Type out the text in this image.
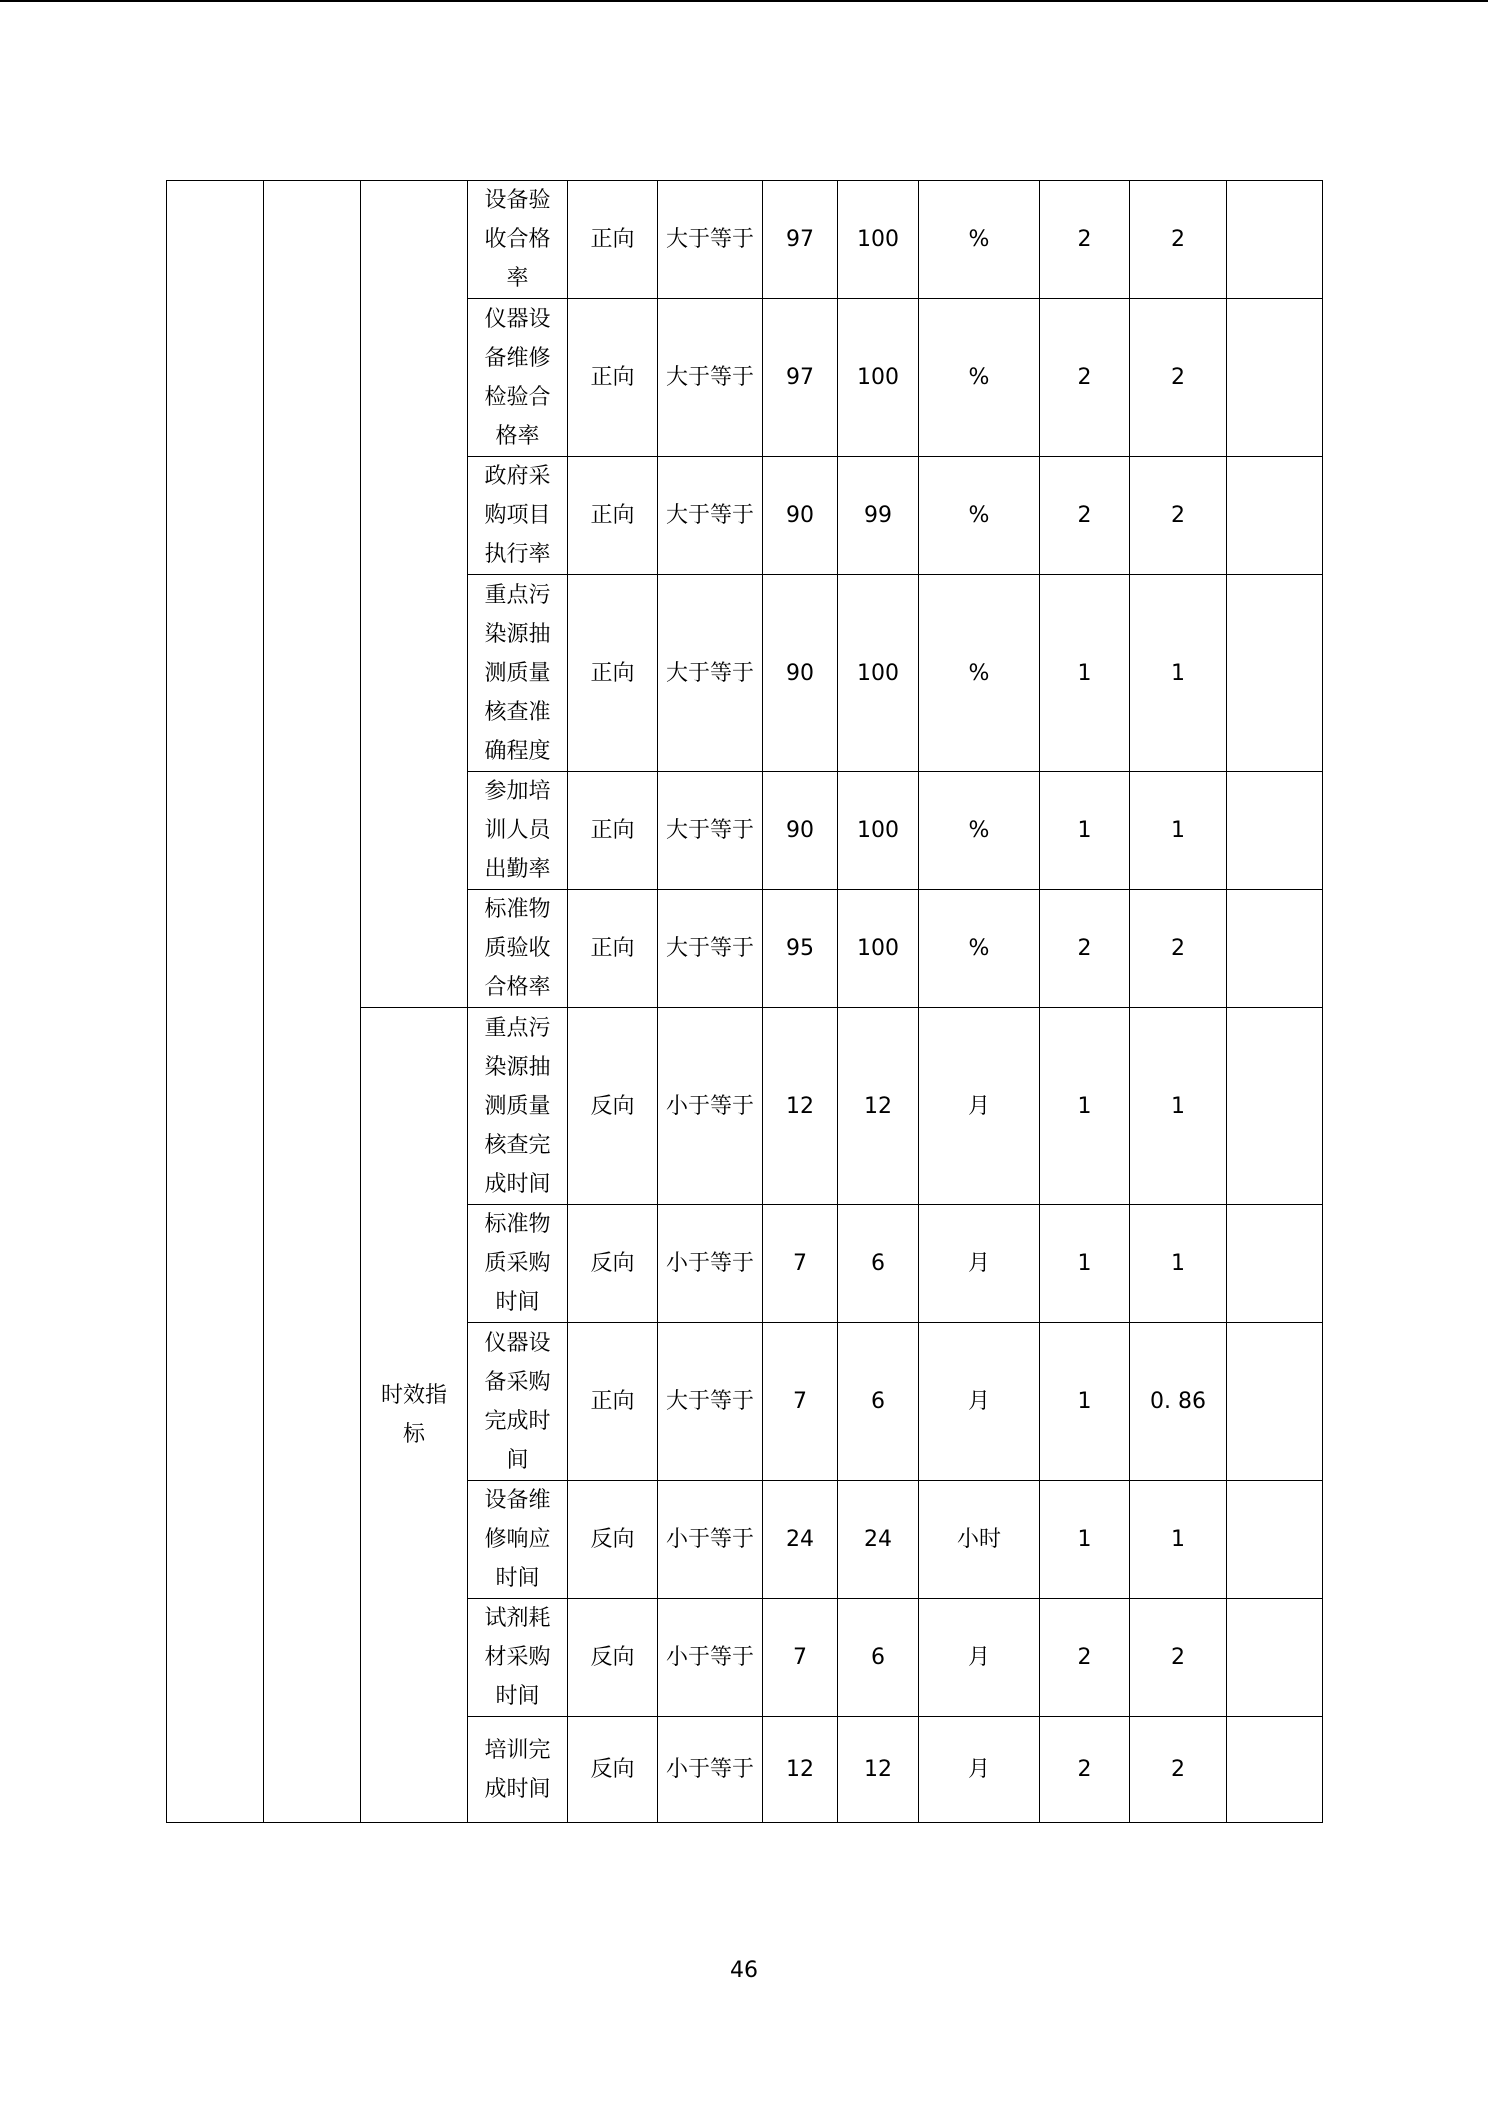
			设备验收合格率	正向	大于等于	97	100	%	2	2	
			仪器设备维修检验合格率	正向	大于等于	97	100	%	2	2	
			政府采购项目执行率	正向	大于等于	90	99	%	2	2	
			重点污染源抽测质量核查准确程度	正向	大于等于	90	100	%	1	1	
			参加培训人员出勤率	正向	大于等于	90	100	%	1	1	
			标准物质验收合格率	正向	大于等于	95	100	%	2	2	
		时效指标	重点污染源抽测质量核查完成时间	反向	小于等于	12	12	月	1	1	
			标准物质采购时间	反向	小于等于	7	6	月	1	1	
			仪器设备采购完成时间	正向	大于等于	7	6	月	1	0. 86	
			设备维修响应时间	反向	小于等于	24	24	小时	1	1	
			试剂耗材采购时间	反向	小于等于	7	6	月	2	2	
			培训完成时间	反向	小于等于	12	12	月	2	2	
46
